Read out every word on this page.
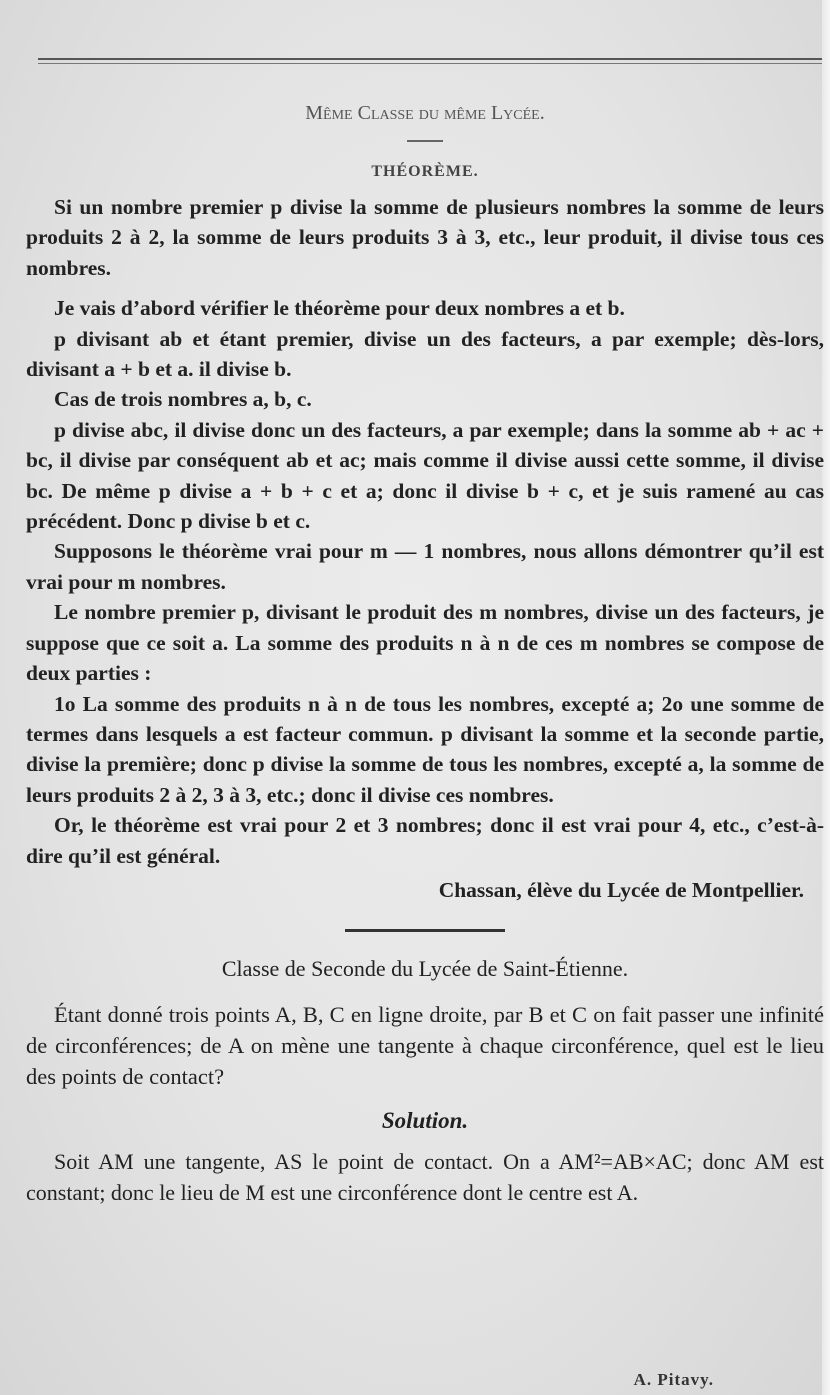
Même Classe du même Lycée.
THÉORÈME.

Si un nombre premier p divise la somme de plusieurs nombres la somme de leurs produits 2 à 2, la somme de leurs produits 3 à 3, etc., leur produit, il divise tous ces nombres.

Je vais d’abord vérifier le théorème pour deux nombres a et b.

p divisant ab et étant premier, divise un des facteurs, a par exemple; dès-lors, divisant a + b et a. il divise b.

Cas de trois nombres a, b, c.

p divise abc, il divise donc un des facteurs, a par exemple; dans la somme ab + ac + bc, il divise par conséquent ab et ac; mais comme il divise aussi cette somme, il divise bc. De même p divise a + b + c et a; donc il divise b + c, et je suis ramené au cas précédent. Donc p divise b et c.

Supposons le théorème vrai pour m — 1 nombres, nous allons démontrer qu’il est vrai pour m nombres.

Le nombre premier p, divisant le produit des m nombres, divise un des facteurs, je suppose que ce soit a. La somme des produits n à n de ces m nombres se compose de deux parties :

1o La somme des produits n à n de tous les nombres, excepté a; 2o une somme de termes dans lesquels a est facteur commun. p divisant la somme et la seconde partie, divise la première; donc p divise la somme de tous les nombres, excepté a, la somme de leurs produits 2 à 2, 3 à 3, etc.; donc il divise ces nombres.

Or, le théorème est vrai pour 2 et 3 nombres; donc il est vrai pour 4, etc., c’est-à-dire qu’il est général.

Chassan, élève du Lycée de Montpellier.
Classe de Seconde du Lycée de Saint-Étienne.

Étant donné trois points A, B, C en ligne droite, par B et C on fait passer une infinité de circonférences; de A on mène une tangente à chaque circonférence, quel est le lieu des points de contact?

Solution.

Soit AM une tangente, AS le point de contact. On a AM²=AB×AC; donc AM est constant; donc le lieu de M est une circonférence dont le centre est A.

A. Pitavy.
